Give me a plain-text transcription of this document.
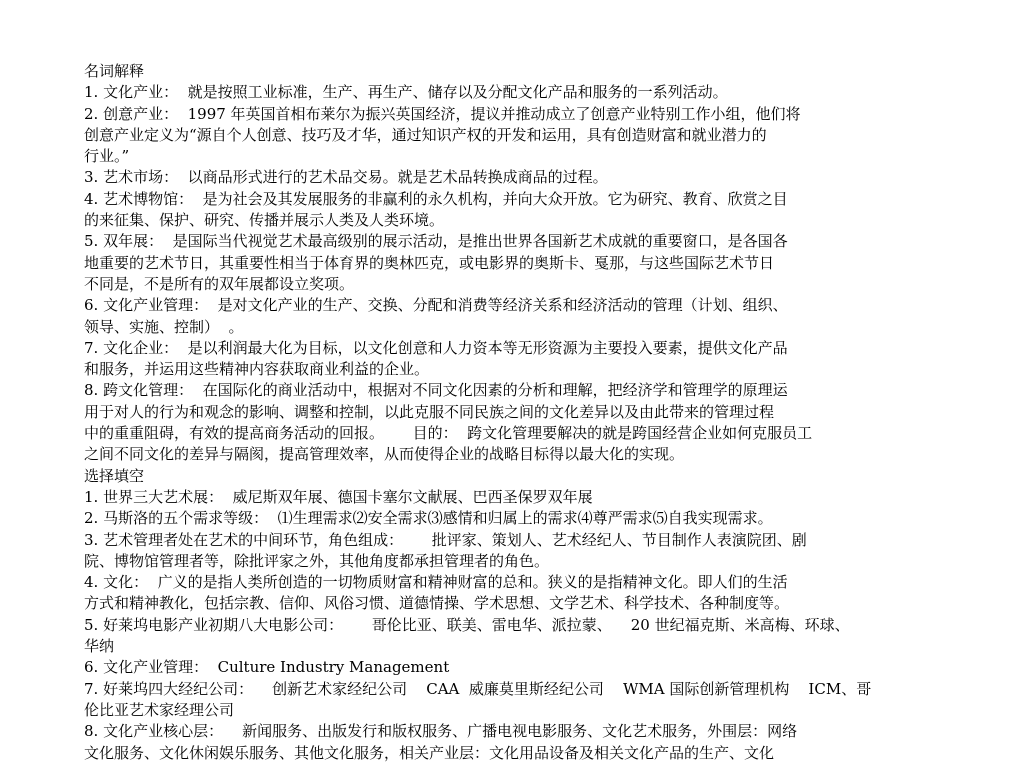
名词解释
1. 文化产业：  就是按照工业标准，生产、再生产、储存以及分配文化产品和服务的一系列活动。
2. 创意产业：  1997 年英国首相布莱尔为振兴英国经济，提议并推动成立了创意产业特别工作小组，他们将
创意产业定义为“源自个人创意、技巧及才华，通过知识产权的开发和运用，具有创造财富和就业潜力的
行业。”
3. 艺术市场：  以商品形式进行的艺术品交易。就是艺术品转换成商品的过程。
4. 艺术博物馆：  是为社会及其发展服务的非赢利的永久机构，并向大众开放。它为研究、教育、欣赏之目
的来征集、保护、研究、传播并展示人类及人类环境。
5. 双年展：  是国际当代视觉艺术最高级别的展示活动，是推出世界各国新艺术成就的重要窗口，是各国各
地重要的艺术节日，其重要性相当于体育界的奥林匹克，或电影界的奥斯卡、戛那，与这些国际艺术节日
不同是，不是所有的双年展都设立奖项。
6. 文化产业管理：  是对文化产业的生产、交换、分配和消费等经济关系和经济活动的管理（计划、组织、
领导、实施、控制）  。
7. 文化企业：  是以利润最大化为目标，以文化创意和人力资本等无形资源为主要投入要素，提供文化产品
和服务，并运用这些精神内容获取商业利益的企业。
8. 跨文化管理：  在国际化的商业活动中，根据对不同文化因素的分析和理解，把经济学和管理学的原理运
用于对人的行为和观念的影响、调整和控制，以此克服不同民族之间的文化差异以及由此带来的管理过程
中的重重阻碍，有效的提高商务活动的回报。      目的：  跨文化管理要解决的就是跨国经营企业如何克服员工
之间不同文化的差异与隔阂，提高管理效率，从而使得企业的战略目标得以最大化的实现。
选择填空
1. 世界三大艺术展：  威尼斯双年展、德国卡塞尔文献展、巴西圣保罗双年展
2. 马斯洛的五个需求等级：  ⑴生理需求⑵安全需求⑶感情和归属上的需求⑷尊严需求⑸自我实现需求。
3. 艺术管理者处在艺术的中间环节，角色组成：      批评家、策划人、艺术经纪人、节目制作人表演院团、剧
院、博物馆管理者等，除批评家之外，其他角度都承担管理者的角色。
4. 文化：  广义的是指人类所创造的一切物质财富和精神财富的总和。狭义的是指精神文化。即人们的生活
方式和精神教化，包括宗教、信仰、风俗习惯、道德情操、学术思想、文学艺术、科学技术、各种制度等。
5. 好莱坞电影产业初期八大电影公司：      哥伦比亚、联美、雷电华、派拉蒙、    20 世纪福克斯、米高梅、环球、
华纳
6. 文化产业管理：  Culture Industry Management
7. 好莱坞四大经纪公司：    创新艺术家经纪公司    CAA  威廉莫里斯经纪公司    WMA 国际创新管理机构    ICM、哥
伦比亚艺术家经理公司
8. 文化产业核心层：    新闻服务、出版发行和版权服务、广播电视电影服务、文化艺术服务，外围层：网络
文化服务、文化休闲娱乐服务、其他文化服务，相关产业层：文化用品设备及相关文化产品的生产、文化
